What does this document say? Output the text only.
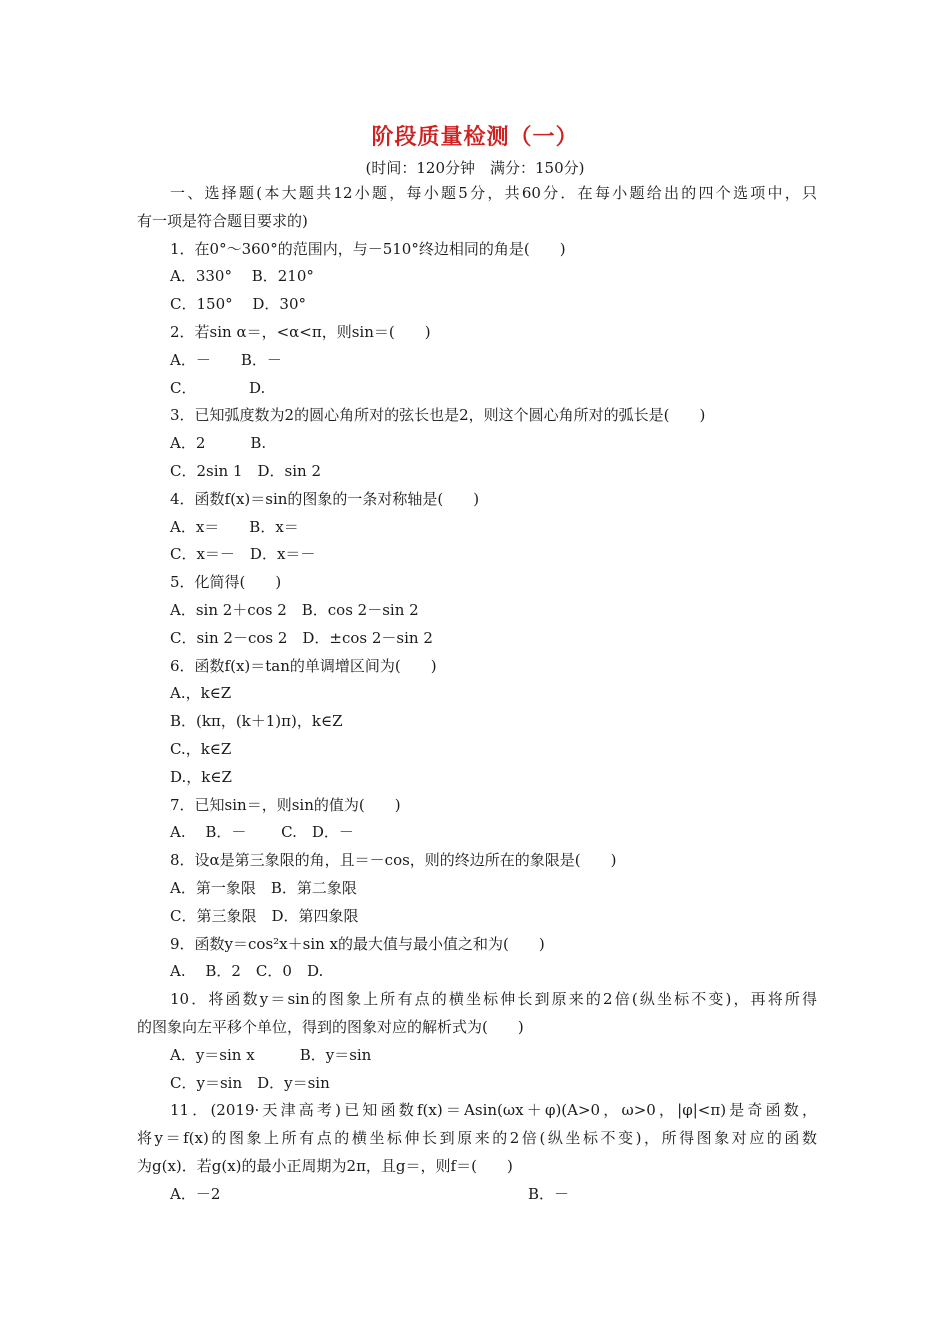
阶段质量检测（一）
(时间：120分钟　满分：150分)
一、选择题(本大题共12小题，每小题5分，共60分．在每小题给出的四个选项中，只
有一项是符合题目要求的)
1．在0°～360°的范围内，与－510°终边相同的角是(　　)
A．330°　 B．210°
C．150°　 D．30°
2．若sin α＝，<α<π，则sin＝(　　)
A．－　　B．－
C．　　　　D.
3．已知弧度数为2的圆心角所对的弦长也是2，则这个圆心角所对的弧长是(　　)
A．2　　　B.
C．2sin 1　D．sin 2
4．函数f(x)＝sin的图象的一条对称轴是(　　)
A．x＝　　B．x＝
C．x＝－　D．x＝－
5．化简得(　　)
A．sin 2＋cos 2　B．cos 2－sin 2
C．sin 2－cos 2　D．±cos 2－sin 2
6．函数f(x)＝tan的单调增区间为(　　)
A.，k∈Z
B．(kπ，(k＋1)π)，k∈Z
C.，k∈Z
D.，k∈Z
7．已知sin＝，则sin的值为(　　)
A.　 B．－　　 C.　D．－
8．设α是第三象限的角，且＝－cos，则的终边所在的象限是(　　)
A．第一象限　B．第二象限
C．第三象限　D．第四象限
9．函数y＝cos²x＋sin x的最大值与最小值之和为(　　)
A.　 B．2　C．0　D.
10．将函数y＝sin的图象上所有点的横坐标伸长到原来的2倍(纵坐标不变)，再将所得
的图象向左平移个单位，得到的图象对应的解析式为(　　)
A．y＝sin x　　　B．y＝sin
C．y＝sin　D．y＝sin
11．(2019·天津高考)已知函数f(x)＝Asin(ωx＋φ)(A>0，ω>0，|φ|<π)是奇函数，
将y＝f(x)的图象上所有点的横坐标伸长到原来的2倍(纵坐标不变)，所得图象对应的函数
为g(x)．若g(x)的最小正周期为2π，且g＝，则f＝(　　)
A．－2	B．－
